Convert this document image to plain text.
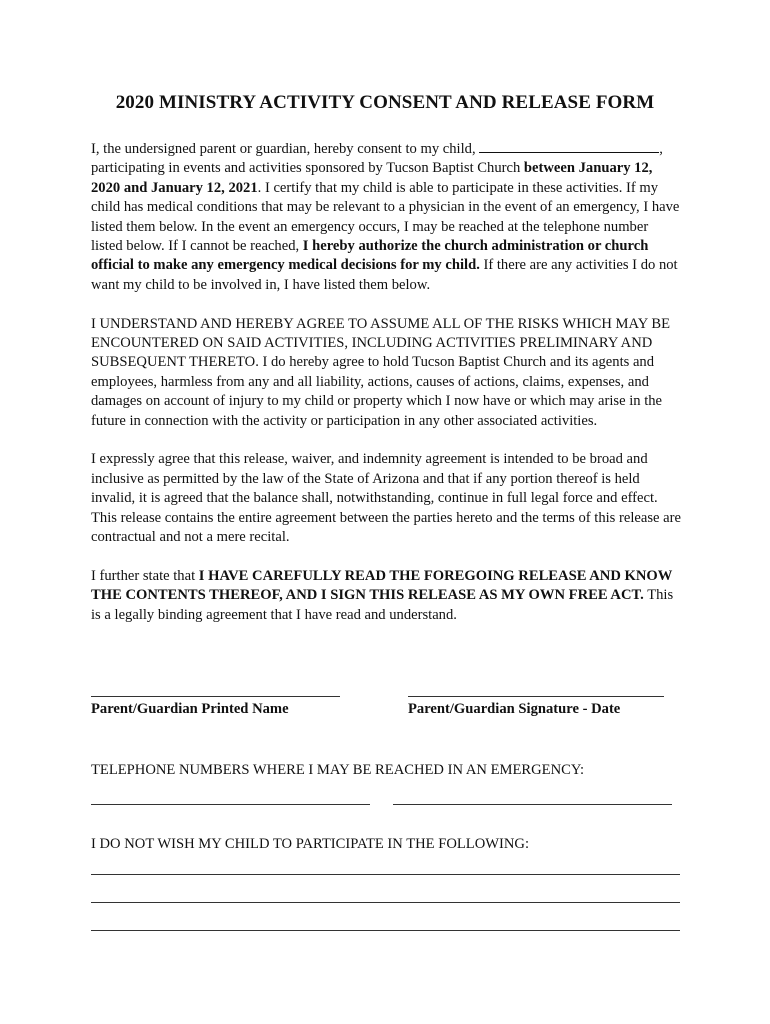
2020 MINISTRY ACTIVITY CONSENT AND RELEASE FORM

I, the undersigned parent or guardian, hereby consent to my child,	, participating in events and activities sponsored by Tucson Baptist Church between January 12, 2020 and January 12, 2021. I certify that my child is able to participate in these activities. If my child has medical conditions that may be relevant to a physician in the event of an emergency, I have listed them below. In the event an emergency occurs, I may be reached at the telephone number listed below. If I cannot be reached, I hereby authorize the church administration or church official to make any emergency medical decisions for my child. If there are any activities I do not want my child to be involved in, I have listed them below.

I UNDERSTAND AND HEREBY AGREE TO ASSUME ALL OF THE RISKS WHICH MAY BE ENCOUNTERED ON SAID ACTIVITIES, INCLUDING ACTIVITIES PRELIMINARY AND SUBSEQUENT THERETO. I do hereby agree to hold Tucson Baptist Church and its agents and employees, harmless from any and all liability, actions, causes of actions, claims, expenses, and damages on account of injury to my child or property which I now have or which may arise in the future in connection with the activity or participation in any other associated activities.

I expressly agree that this release, waiver, and indemnity agreement is intended to be broad and inclusive as permitted by the law of the State of Arizona and that if any portion thereof is held invalid, it is agreed that the balance shall, notwithstanding, continue in full legal force and effect. This release contains the entire agreement between the parties hereto and the terms of this release are contractual and not a mere recital.

I further state that I HAVE CAREFULLY READ THE FOREGOING RELEASE AND KNOW THE CONTENTS THEREOF, AND I SIGN THIS RELEASE AS MY OWN FREE ACT. This is a legally binding agreement that I have read and understand.

Parent/Guardian Printed Name	Parent/Guardian Signature - Date
TELEPHONE NUMBERS WHERE I MAY BE REACHED IN AN EMERGENCY:
I DO NOT WISH MY CHILD TO PARTICIPATE IN THE FOLLOWING:
